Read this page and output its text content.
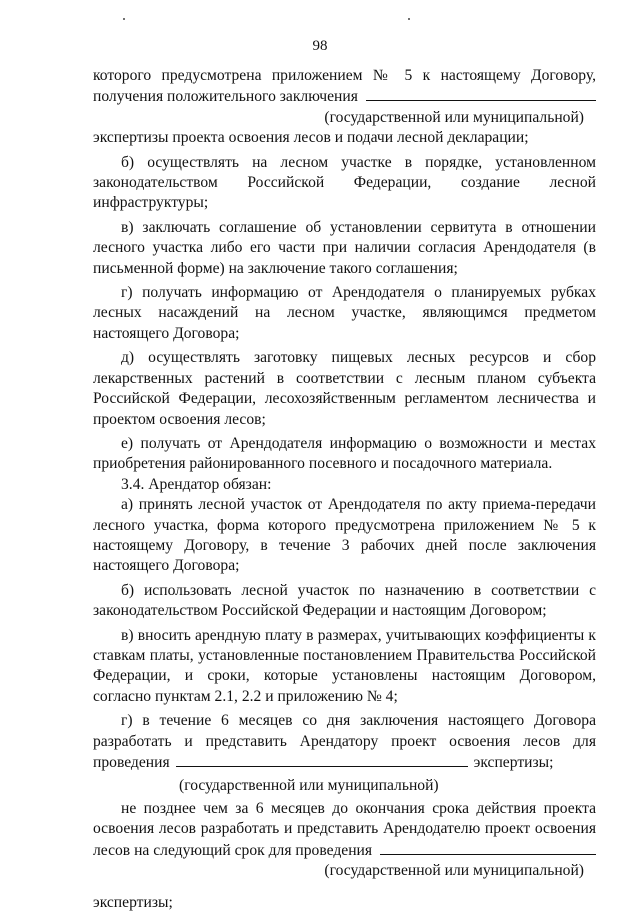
98

которого предусмотрена приложением № 5 к настоящему Договору,

получения положительного заключения
(государственной или муниципальной)

экспертизы проекта освоения лесов и подачи лесной декларации;

б) осуществлять на лесном участке в порядке, установленном законодательством Российской Федерации, создание лесной инфраструктуры;

в) заключать соглашение об установлении сервитута в отношении лесного участка либо его части при наличии согласия Арендодателя (в письменной форме) на заключение такого соглашения;

г) получать информацию от Арендодателя о планируемых рубках лесных насаждений на лесном участке, являющимся предметом настоящего Договора;

д) осуществлять заготовку пищевых лесных ресурсов и сбор лекарственных растений в соответствии с лесным планом субъекта Российской Федерации, лесохозяйственным регламентом лесничества и проектом освоения лесов;

е) получать от Арендодателя информацию о возможности и местах приобретения районированного посевного и посадочного материала.

3.4. Арендатор обязан:

а) принять лесной участок от Арендодателя по акту приема-передачи лесного участка, форма которого предусмотрена приложением № 5 к настоящему Договору, в течение 3 рабочих дней после заключения настоящего Договора;

б) использовать лесной участок по назначению в соответствии с законодательством Российской Федерации и настоящим Договором;

в) вносить арендную плату в размерах, учитывающих коэффициенты к ставкам платы, установленные постановлением Правительства Российской Федерации, и сроки, которые установлены настоящим Договором, согласно пунктам 2.1, 2.2 и приложению № 4;

г) в течение 6 месяцев со дня заключения настоящего Договора разработать и представить Арендатору проект освоения лесов для

проведения	экспертизы;
(государственной или муниципальной)

не позднее чем за 6 месяцев до окончания срока действия проекта освоения лесов разработать и представить Арендодателю проект освоения

лесов на следующий срок для проведения
(государственной или муниципальной)

экспертизы;
